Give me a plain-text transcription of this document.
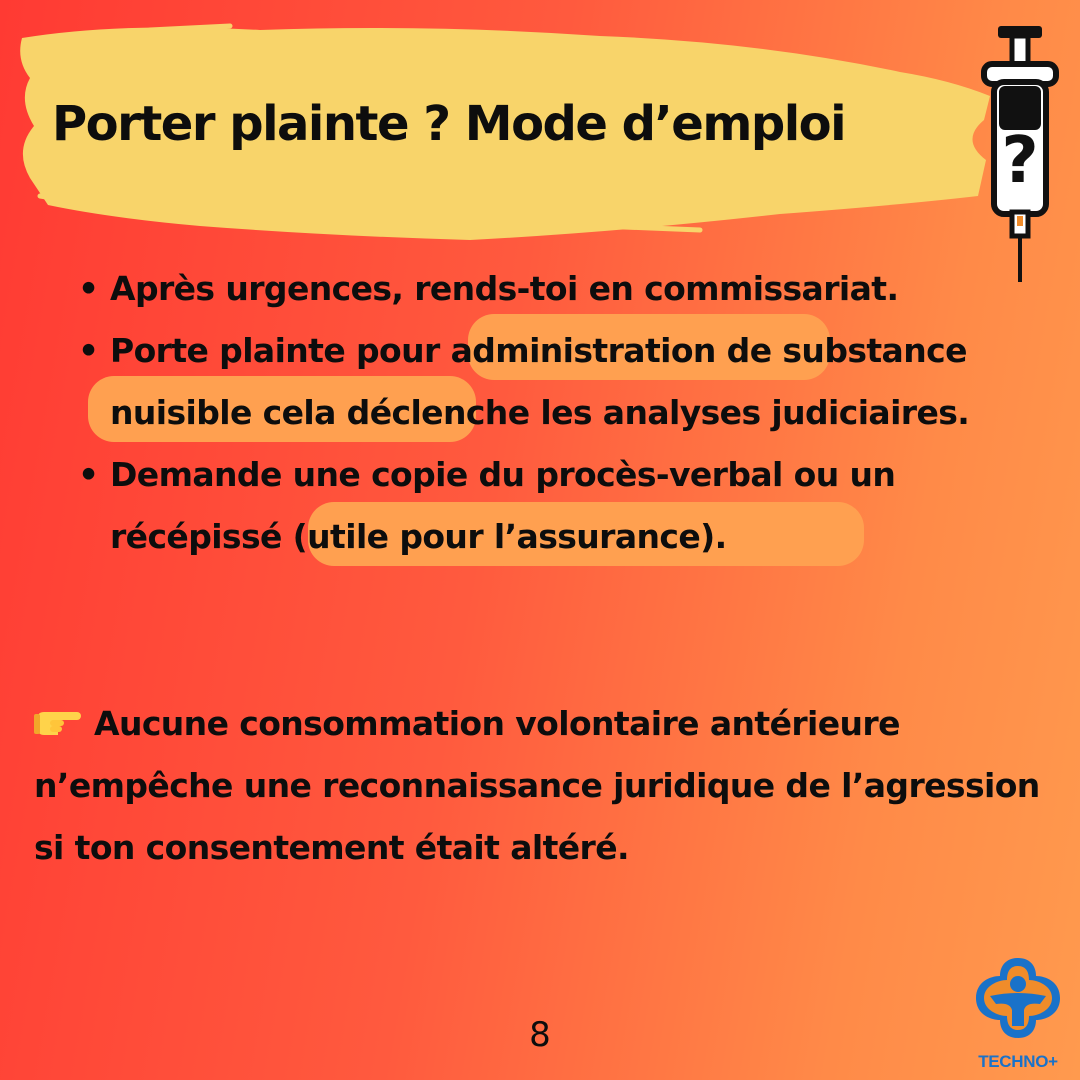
Porter plainte ? Mode d’emploi ?
• Après urgences, rends-toi en commissariat.
• Porte plainte pour administration de substance nuisible cela déclenche les analyses judiciaires.
• Demande une copie du procès-verbal ou un récépissé (utile pour l’assurance).

Aucune consommation volontaire antérieure n’empêche une reconnaissance juridique de l’agression si ton consentement était altéré.

8
TECHNO+
